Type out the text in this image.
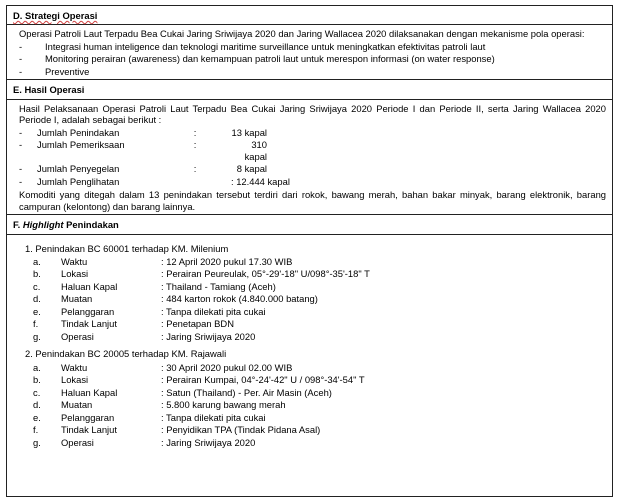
D. Strategi Operasi
Operasi Patroli Laut Terpadu Bea Cukai Jaring Sriwijaya 2020 dan Jaring Wallacea 2020 dilaksanakan dengan mekanisme pola operasi:
-	Integrasi human inteligence dan teknologi maritime surveillance untuk meningkatkan efektivitas patroli laut
-	Monitoring perairan (awareness) dan kemampuan patroli laut untuk merespon informasi (on water response)
-	Preventive
E. Hasil Operasi
Hasil Pelaksanaan Operasi Patroli Laut Terpadu Bea Cukai Jaring Sriwijaya 2020 Periode I dan Periode II, serta Jaring Wallacea 2020 Periode I, adalah sebagai berikut :
-	Jumlah Penindakan	:	13 kapal
-	Jumlah Pemeriksaan	:	310 kapal
-	Jumlah Penyegelan	:	8 kapal
-	Jumlah Penglihatan	: 12.444 kapal
Komoditi yang ditegah dalam 13 penindakan tersebut terdiri dari rokok, bawang merah, bahan bakar minyak, barang elektronik, barang campuran (kelontong) dan barang lainnya.
F. Highlight Penindakan
1. Penindakan BC 60001 terhadap KM. Milenium
a.	Waktu	: 12 April 2020 pukul 17.30 WIB
b.	Lokasi	: Perairan Peureulak, 05°-29'-18" U/098°-35'-18" T
c.	Haluan Kapal	: Thailand - Tamiang (Aceh)
d.	Muatan	: 484 karton rokok (4.840.000 batang)
e.	Pelanggaran	: Tanpa dilekati pita cukai
f.	Tindak Lanjut	: Penetapan BDN
g.	Operasi	: Jaring Sriwijaya 2020
2. Penindakan BC 20005 terhadap KM. Rajawali
a.	Waktu	: 30 April 2020 pukul 02.00 WIB
b.	Lokasi	: Perairan Kumpai, 04°-24'-42" U / 098°-34'-54" T
c.	Haluan Kapal	: Satun (Thailand) - Per. Air Masin (Aceh)
d.	Muatan	: 5.800 karung bawang merah
e.	Pelanggaran	: Tanpa dilekati pita cukai
f.	Tindak Lanjut	: Penyidikan TPA (Tindak Pidana Asal)
g.	Operasi	: Jaring Sriwijaya 2020
